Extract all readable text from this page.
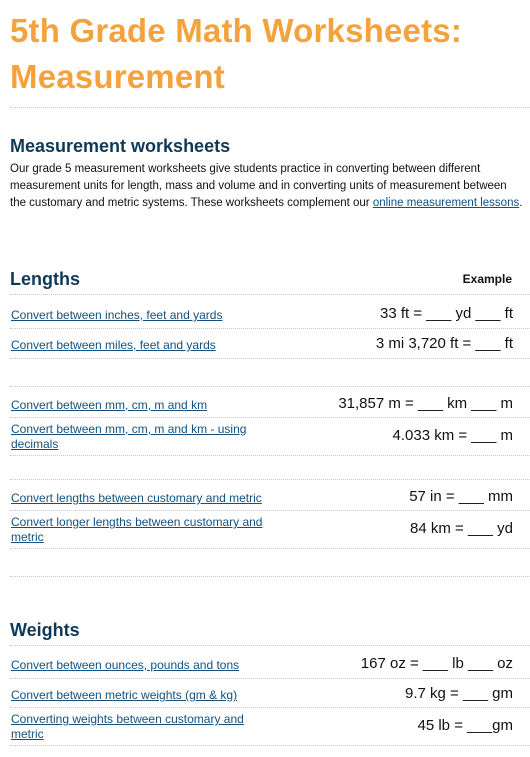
5th Grade Math Worksheets: Measurement
Measurement worksheets
Our grade 5 measurement worksheets give students practice in converting between different measurement units for length, mass and volume and in converting units of measurement between the customary and metric systems. These worksheets complement our online measurement lessons.
Lengths	Example
Convert between inches, feet and yards	33 ft = ___ yd ___ ft
Convert between miles, feet and yards	3 mi 3,720 ft = ___ ft
Convert between mm, cm, m and km	31,857 m = ___ km ___ m
Convert between mm, cm, m and km - using decimals	4.033 km = ___ m
Convert lengths between customary and metric	57 in = ___ mm
Convert longer lengths between customary and metric	84 km = ___ yd
Weights
Convert between ounces, pounds and tons	167 oz = ___ lb ___ oz
Convert between metric weights (gm & kg)	9.7 kg = ___ gm
Converting weights between customary and metric	45 lb = ___gm
